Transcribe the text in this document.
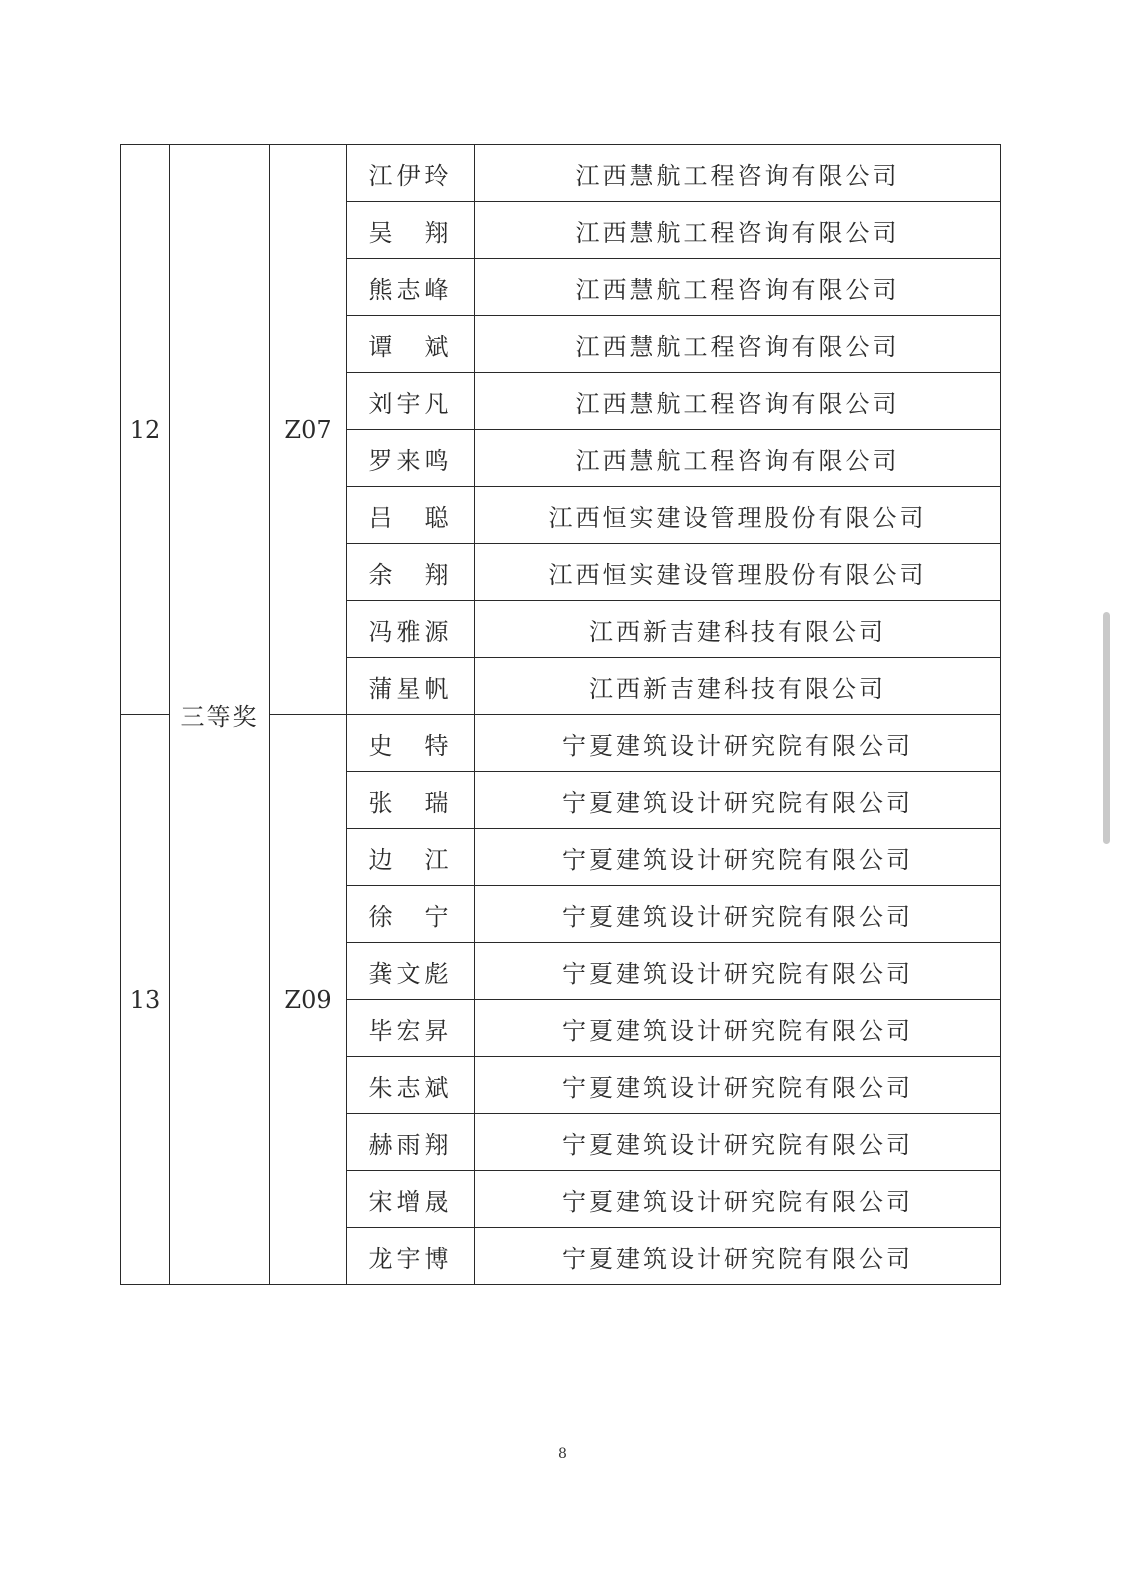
12	三等奖	Z07	江伊玲	江西慧航工程咨询有限公司
			吴　翔	江西慧航工程咨询有限公司
			熊志峰	江西慧航工程咨询有限公司
			谭　斌	江西慧航工程咨询有限公司
			刘宇凡	江西慧航工程咨询有限公司
			罗来鸣	江西慧航工程咨询有限公司
			吕　聪	江西恒实建设管理股份有限公司
			余　翔	江西恒实建设管理股份有限公司
			冯雅源	江西新吉建科技有限公司
			蒲星帆	江西新吉建科技有限公司
13		Z09	史　特	宁夏建筑设计研究院有限公司
			张　瑞	宁夏建筑设计研究院有限公司
			边　江	宁夏建筑设计研究院有限公司
			徐　宁	宁夏建筑设计研究院有限公司
			龚文彪	宁夏建筑设计研究院有限公司
			毕宏昇	宁夏建筑设计研究院有限公司
			朱志斌	宁夏建筑设计研究院有限公司
			赫雨翔	宁夏建筑设计研究院有限公司
			宋增晟	宁夏建筑设计研究院有限公司
			龙宇博	宁夏建筑设计研究院有限公司
8
